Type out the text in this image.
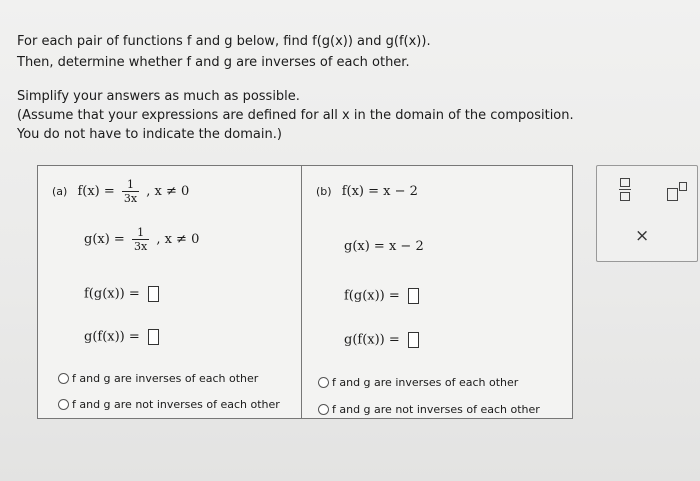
For each pair of functions f and g below, find f(g(x)) and g(f(x)).
Then, determine whether f and g are inverses of each other.
Simplify your answers as much as possible.
(Assume that your expressions are defined for all x in the domain of the composition.
You do not have to indicate the domain.)
(a) $f(x) = \frac{1}{3x}$ , x ≠ 0
$g(x) = \frac{1}{3x}$ , x ≠ 0
f(g(x)) =
g(f(x)) =
f and g are inverses of each other
f and g are not inverses of each other
(b) f(x) = x − 2
g(x) = x − 2
f(g(x)) =
g(f(x)) =
f and g are inverses of each other
f and g are not inverses of each other
×
